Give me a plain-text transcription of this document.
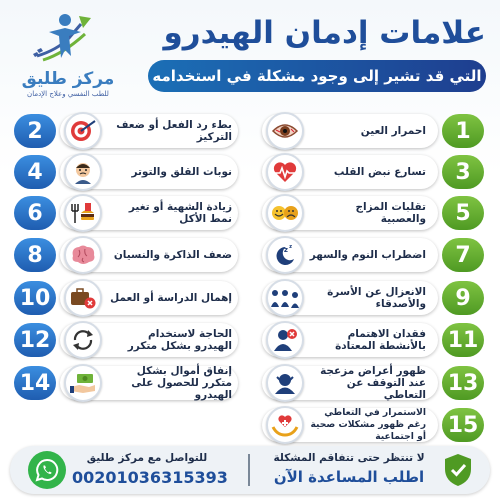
مركز طليق
للطب النفسي وعلاج الإدمان
علامات إدمان الهيدرو
التي قد تشير إلى وجود مشكلة في استخدامه
1
احمرار العين
3
تسارع نبض القلب
5
تقلبات المزاج والعصبية
7
اضطراب النوم والسهر
z z
9
الانعزال عن الأسرة والأصدقاء
11
فقدان الاهتمام بالأنشطة المعتادة
13
ظهور أعراض مزعجة عند التوقف عن التعاطي
15
الاستمرار في التعاطي رغم ظهور مشكلات صحية أو اجتماعية
2	بطء رد الفعل أو ضعف التركيز
4	نوبات القلق والتوتر
6	زيادة الشهية أو تغير نمط الأكل
8	ضعف الذاكرة والنسيان
10	إهمال الدراسة أو العمل
12	الحاجة لاستخدام الهيدرو بشكل متكرر
14	إنفاق أموال بشكل متكرر للحصول على الهيدرو
للتواصل مع مركز طليق
00201036315393
لا تنتظر حتى تتفاقم المشكلة
اطلب المساعدة الآن
